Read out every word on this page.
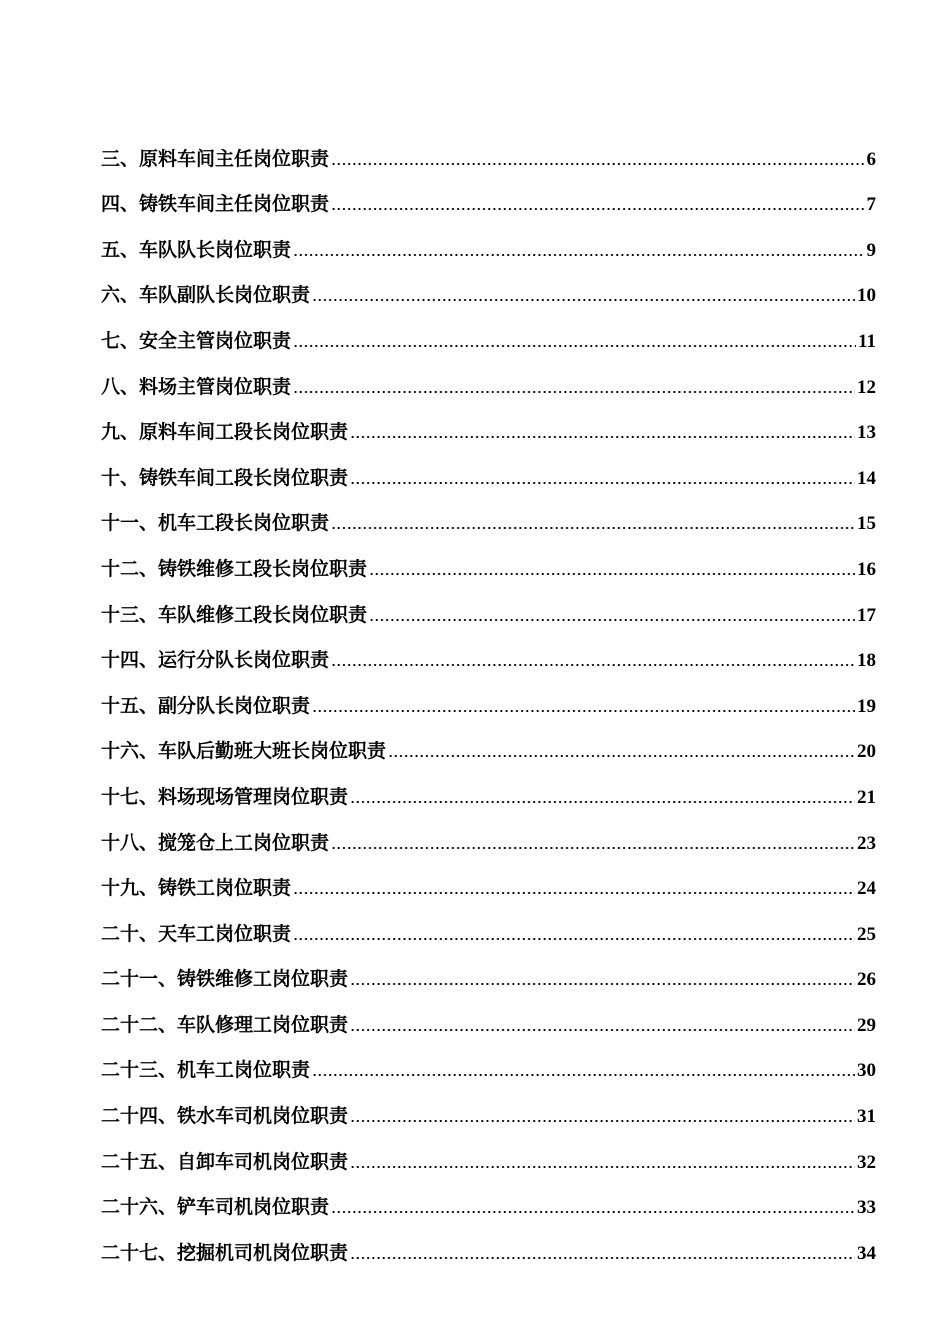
三、原料车间主任岗位职责	6
四、铸铁车间主任岗位职责	7
五、车队队长岗位职责	9
六、车队副队长岗位职责	10
七、安全主管岗位职责	11
八、料场主管岗位职责	12
九、原料车间工段长岗位职责	13
十、铸铁车间工段长岗位职责	14
十一、机车工段长岗位职责	15
十二、铸铁维修工段长岗位职责	16
十三、车队维修工段长岗位职责	17
十四、运行分队长岗位职责	18
十五、副分队长岗位职责	19
十六、车队后勤班大班长岗位职责	20
十七、料场现场管理岗位职责	21
十八、搅笼仓上工岗位职责	23
十九、铸铁工岗位职责	24
二十、天车工岗位职责	25
二十一、铸铁维修工岗位职责	26
二十二、车队修理工岗位职责	29
二十三、机车工岗位职责	30
二十四、铁水车司机岗位职责	31
二十五、自卸车司机岗位职责	32
二十六、铲车司机岗位职责	33
二十七、挖掘机司机岗位职责	34
